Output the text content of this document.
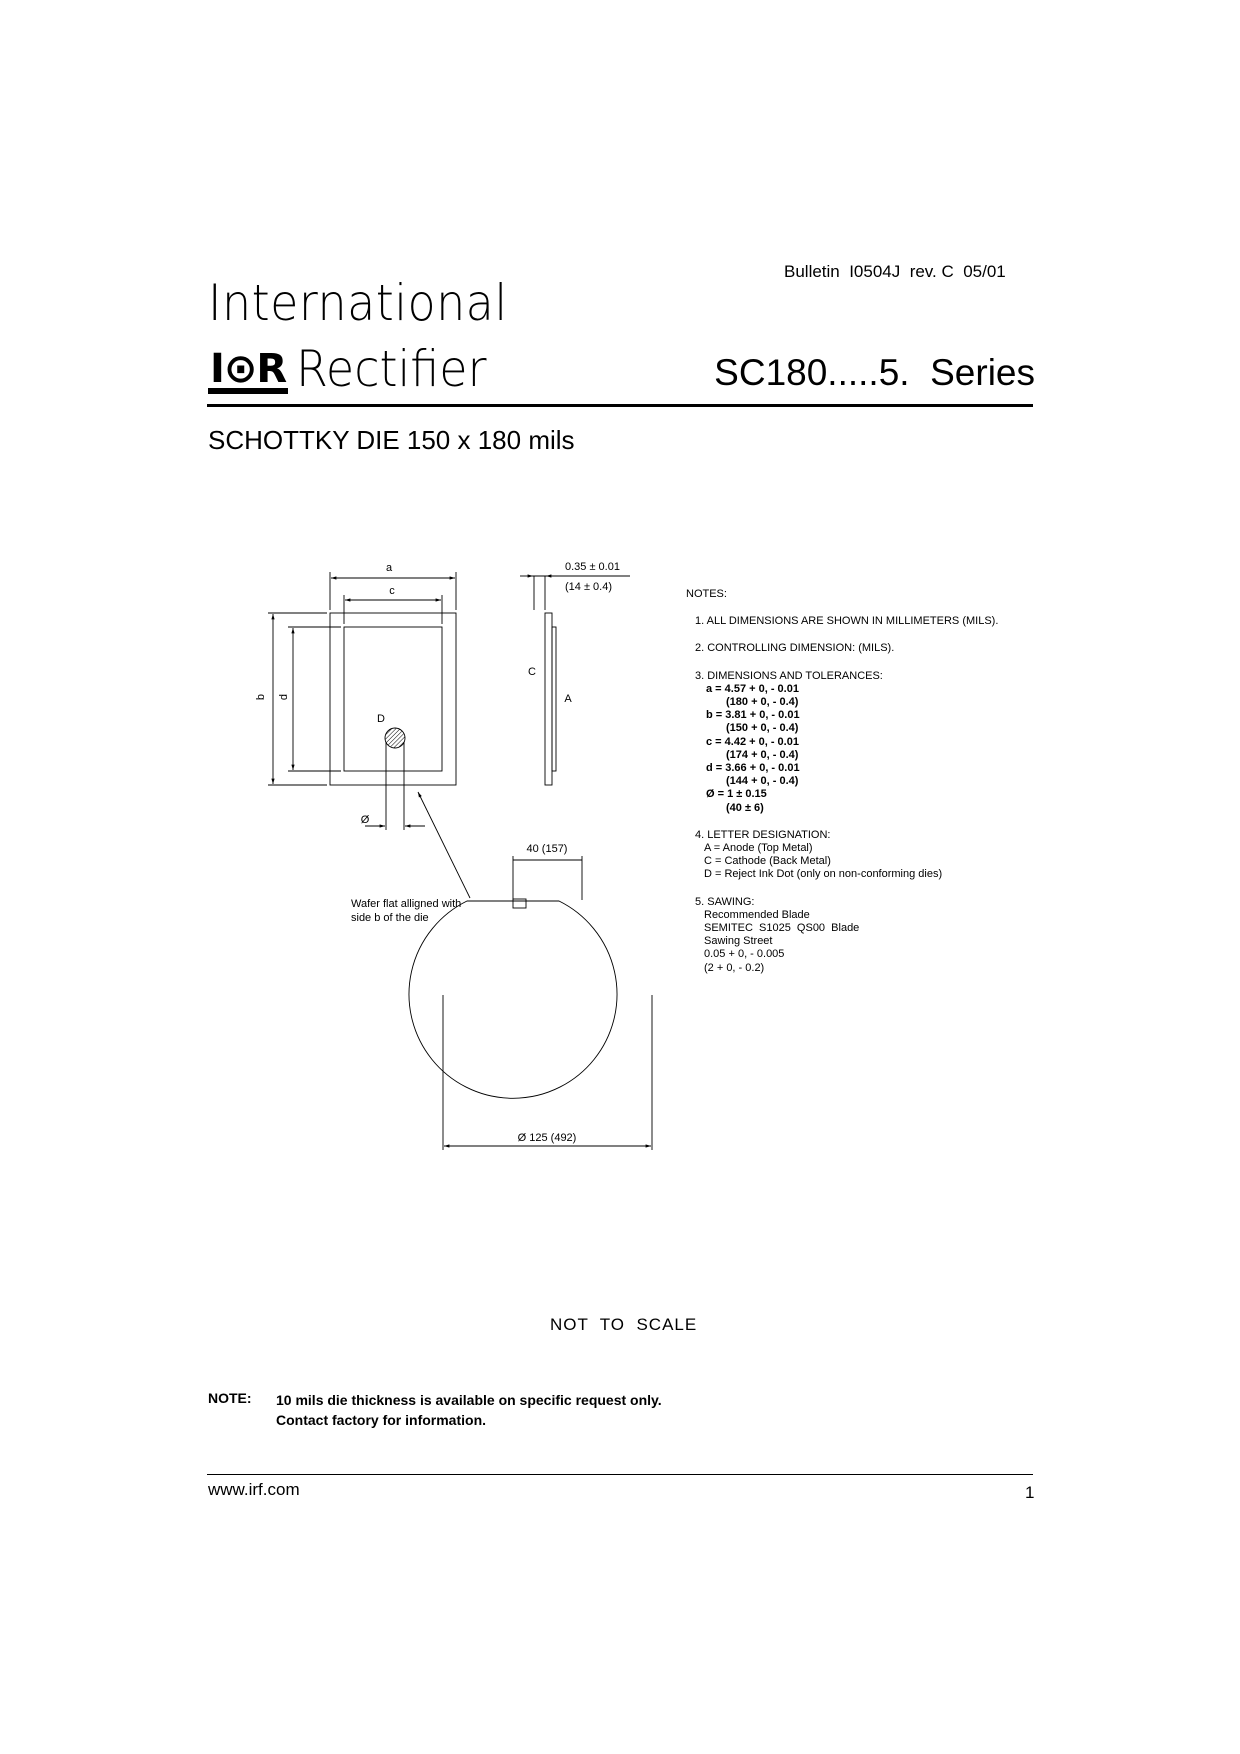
Bulletin  I0504J  rev. C  05/01
International
I⊙R Rectifier	SC180.....5.  Series
SCHOTTKY DIE 150 x 180 mils
a
c
b d
D
Ø
0.35 ± 0.01
(14 ± 0.4)
C
A
40 (157)
Wafer flat alligned with
side b of the die
Ø 125 (492)
NOTES:
1. ALL DIMENSIONS ARE SHOWN IN MILLIMETERS (MILS).
2. CONTROLLING DIMENSION: (MILS).
3. DIMENSIONS AND TOLERANCES:
a = 4.57 + 0, - 0.01
(180 + 0, - 0.4)
b = 3.81 + 0, - 0.01
(150 + 0, - 0.4)
c = 4.42 + 0, - 0.01
(174 + 0, - 0.4)
d = 3.66 + 0, - 0.01
(144 + 0, - 0.4)
Ø = 1 ± 0.15
(40 ± 6)
4. LETTER DESIGNATION:
A = Anode (Top Metal)
C = Cathode (Back Metal)
D = Reject Ink Dot (only on non-conforming dies)
5. SAWING:
Recommended Blade
SEMITEC  S1025  QS00  Blade
Sawing Street
0.05 + 0, - 0.005
(2 + 0, - 0.2)
NOT  TO  SCALE
NOTE: 10 mils die thickness is available on specific request only.
Contact factory for information.
www.irf.com	1
